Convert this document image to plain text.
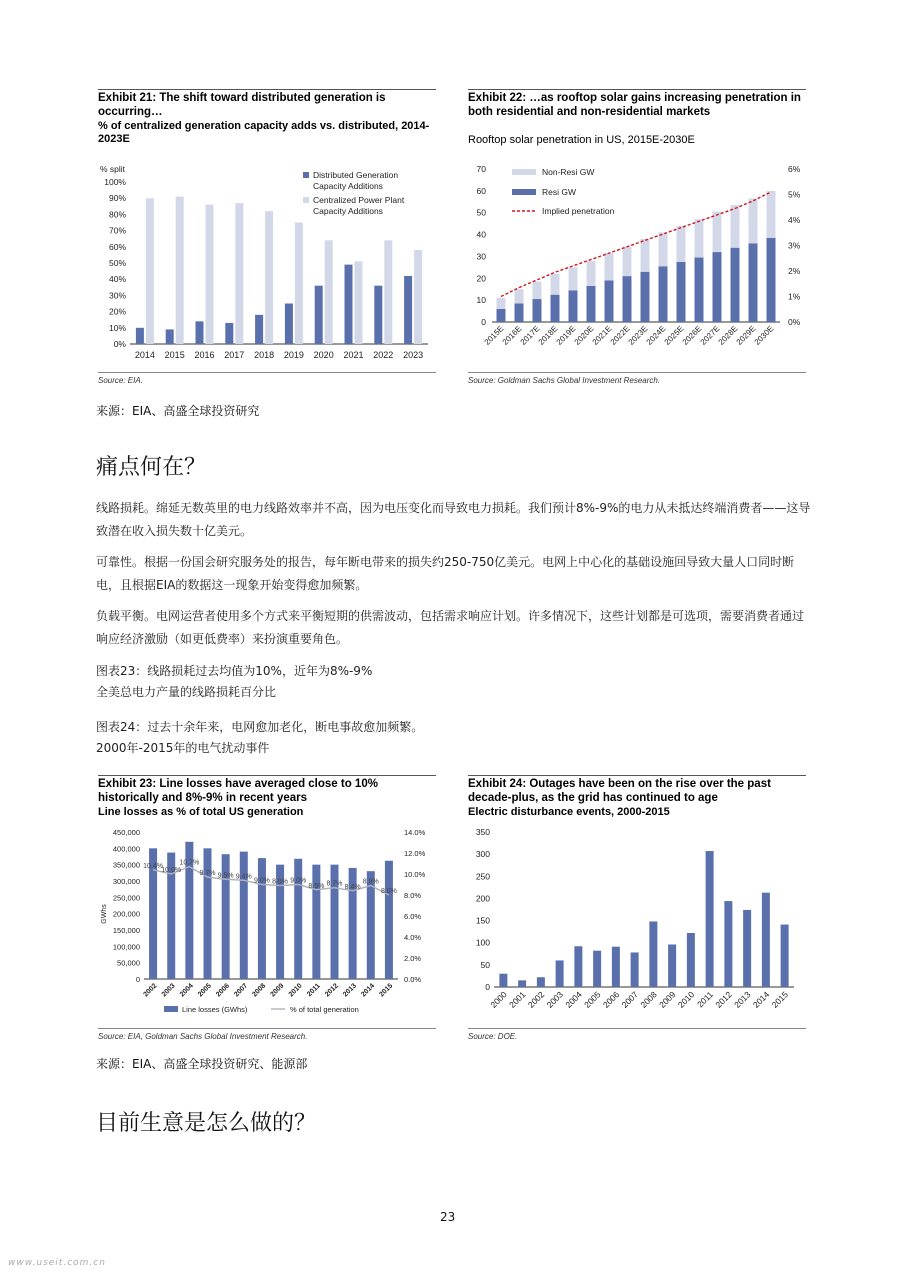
Exhibit 21: The shift toward distributed generation is occurring…
% of centralized generation capacity adds vs. distributed, 2014-2023E
% split
0%
10%
20%
30%
40%
50%
60%
70%
80%
90%
100%
2014 2015 2016 2017 2018 2019 2020 2021 2022 2023
Distributed Generation
Capacity Additions
Centralized Power Plant
Capacity Additions
Source: EIA.
Exhibit 22: …as rooftop solar gains increasing penetration in both residential and non-residential markets
Rooftop solar penetration in US, 2015E-2030E
0
10
20
30
40
50
60
70
0%
1%
2%
3%
4%
5%
6%
2015E
2016E
2017E
2018E
2019E
2020E
2021E
2022E
2023E
2024E
2025E
2026E
2027E
2028E
2029E
2030E
Non-Resi GW
Resi GW
Implied penetration
Source: Goldman Sachs Global Investment Research.
来源：EIA、高盛全球投资研究
痛点何在？
线路损耗。绵延无数英里的电力线路效率并不高，因为电压变化而导致电力损耗。我们预计8%-9%的电力从未抵达终端消费者——这导致潜在收入损失数十亿美元。
可靠性。根据一份国会研究服务处的报告，每年断电带来的损失约250-750亿美元。电网上中心化的基础设施回导致大量人口同时断电，且根据EIA的数据这一现象开始变得愈加频繁。
负载平衡。电网运营者使用多个方式来平衡短期的供需波动，包括需求响应计划。许多情况下，这些计划都是可选项，需要消费者通过响应经济激励（如更低费率）来扮演重要角色。
图表23：线路损耗过去均值为10%，近年为8%-9%
全美总电力产量的线路损耗百分比
图表24：过去十余年来，电网愈加老化，断电事故愈加频繁。
2000年-2015年的电气扰动事件
Exhibit 23: Line losses have averaged close to 10% historically and 8%-9% in recent years
Line losses as % of total US generation
GWhs
0
50,000
100,000
150,000
200,000
250,000
300,000
350,000
400,000
450,000
0.0%
2.0%
4.0%
6.0%
8.0%
10.0%
12.0%
14.0%
2002 2003 2004 2005 2006 2007 2008 2009 2010 2011 2012 2013 2014 2015
10.4%
10.0%
10.7%
9.7% 9.5% 9.4%
9.0% 8.9% 9.0%
8.5% 8.7% 8.4%
8.9%
8.0%
Line losses (GWhs)	% of total generation
Source: EIA, Goldman Sachs Global Investment Research.
Exhibit 24: Outages have been on the rise over the past decade-plus, as the grid has continued to age
Electric disturbance events, 2000-2015
0
50
100
150
200
250
300
350
2000
2001
2002
2003
2004
2005
2006
2007
2008
2009
2010
2011
2012
2013
2014
2015
Source: DOE.
来源：EIA、高盛全球投资研究、能源部
目前生意是怎么做的？
23
www.useit.com.cn
